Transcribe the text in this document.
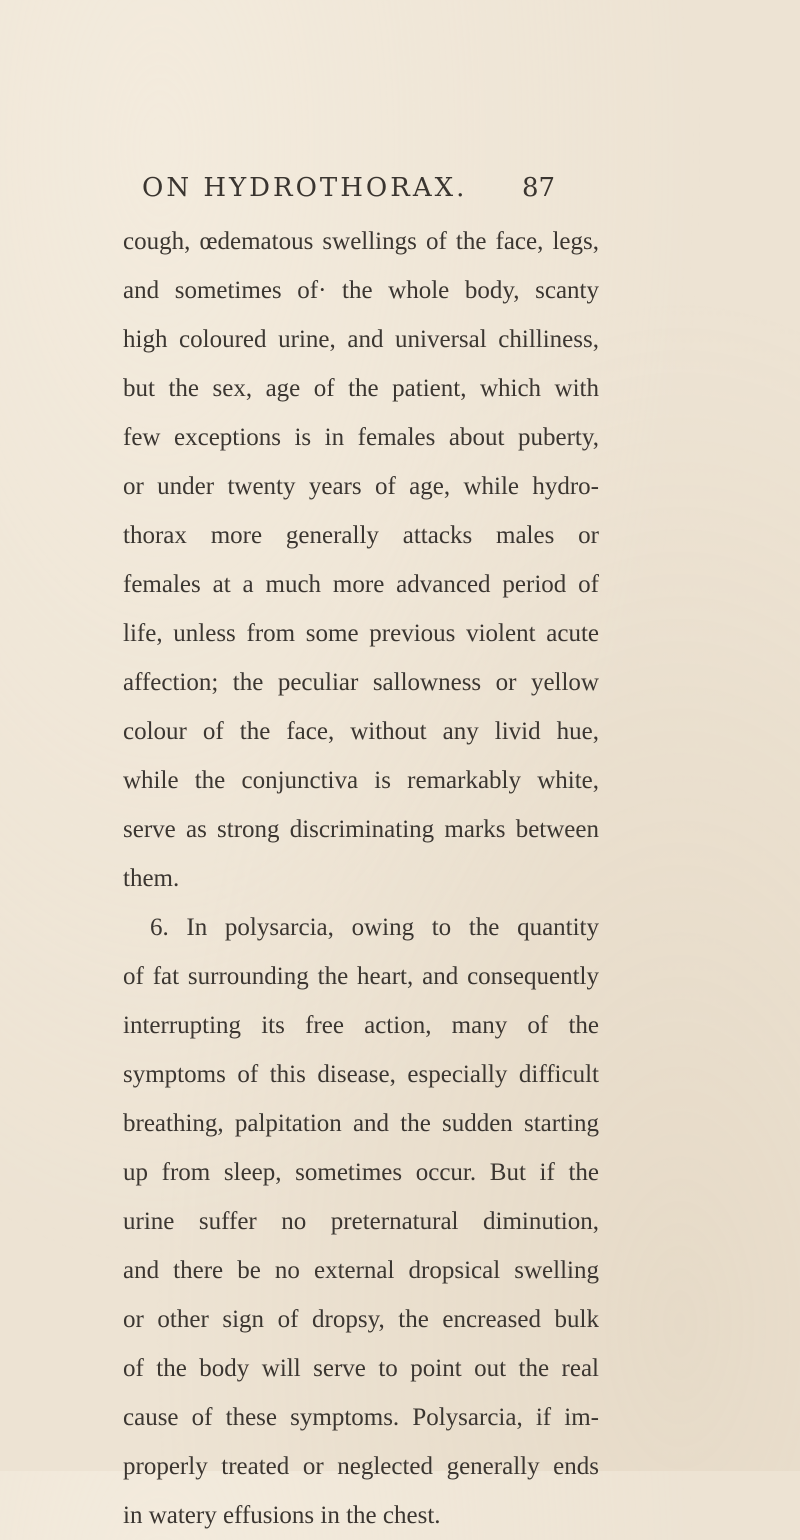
ON HYDROTHORAX. 87
cough, œdematous swellings of the face, legs,
and sometimes of· the whole body, scanty
high coloured urine, and universal chilliness,
but the sex, age of the patient, which with
few exceptions is in females about puberty,
or under twenty years of age, while hydro-
thorax more generally attacks males or
females at a much more advanced period of
life, unless from some previous violent acute
affection; the peculiar sallowness or yellow
colour of the face, without any livid hue,
while the conjunctiva is remarkably white,
serve as strong discriminating marks between
them.
6. In polysarcia, owing to the quantity
of fat surrounding the heart, and consequently
interrupting its free action, many of the
symptoms of this disease, especially difficult
breathing, palpitation and the sudden starting
up from sleep, sometimes occur. But if the
urine suffer no preternatural diminution,
and there be no external dropsical swelling
or other sign of dropsy, the encreased bulk
of the body will serve to point out the real
cause of these symptoms. Polysarcia, if im-
properly treated or neglected generally ends
in watery effusions in the chest.
